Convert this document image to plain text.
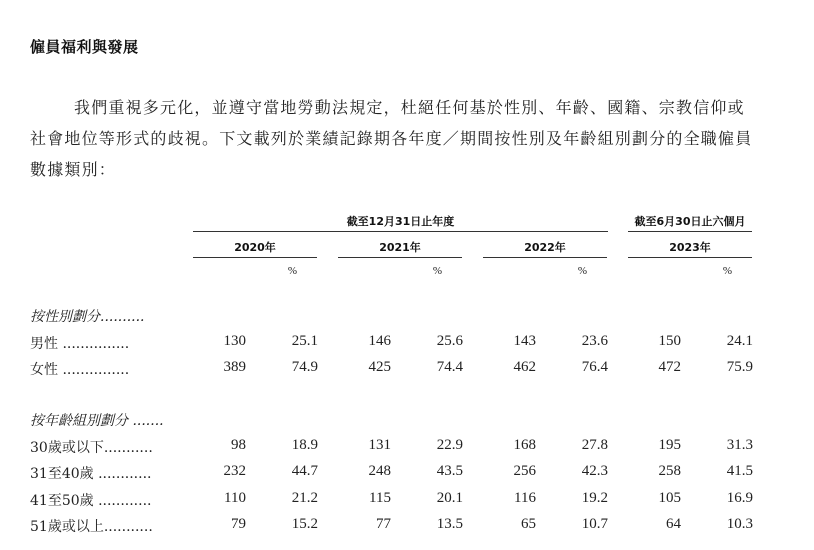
僱員福利與發展

我們重視多元化，並遵守當地勞動法規定，杜絕任何基於性別、年齡、國籍、宗教信仰或社會地位等形式的歧視。下文載列於業績記錄期各年度／期間按性別及年齡組別劃分的全職僱員數據類別：

截至12月31日止年度	截至6月30日止六個月
2020年	2021年	2022年	2023年
%	%	%	%
按性別劃分..........
男性 ...............	130	25.1	146	25.6	143	23.6	150	24.1
女性 ...............	389	74.9	425	74.4	462	76.4	472	75.9
按年齡組別劃分 .......
30歲或以下...........	98	18.9	131	22.9	168	27.8	195	31.3
31至40歲 ............	232	44.7	248	43.5	256	42.3	258	41.5
41至50歲 ............	110	21.2	115	20.1	116	19.2	105	16.9
51歲或以上...........	79	15.2	77	13.5	65	10.7	64	10.3
